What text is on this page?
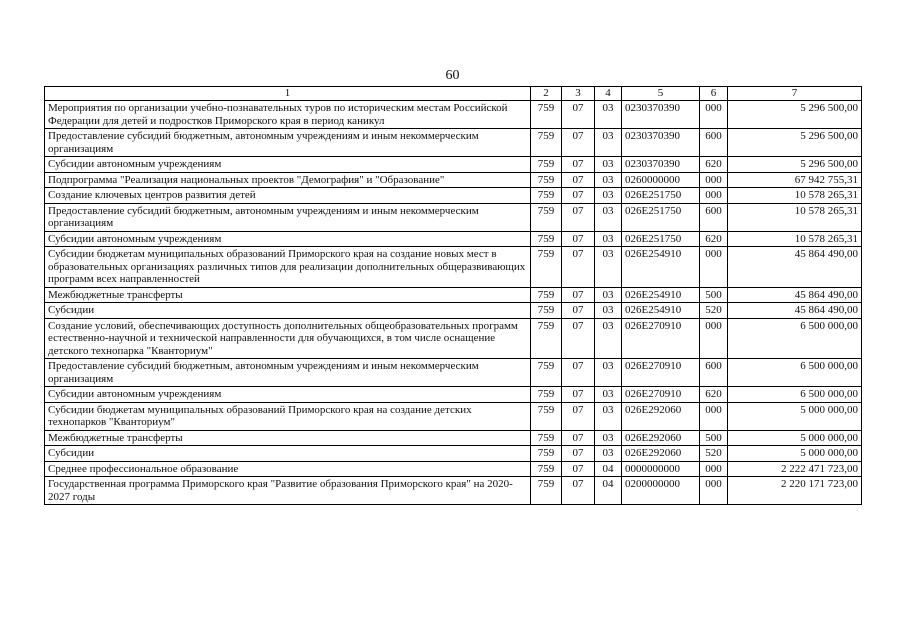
60
1	2	3	4	5	6	7
Мероприятия по организации учебно-познавательных туров по историческим местам Российской Федерации для детей и подростков Приморского края в период каникул	759	07	03	0230370390	000	5 296 500,00
Предоставление субсидий бюджетным, автономным учреждениям и иным некоммерческим организациям	759	07	03	0230370390	600	5 296 500,00
Субсидии автономным учреждениям	759	07	03	0230370390	620	5 296 500,00
Подпрограмма "Реализация национальных проектов "Демография" и "Образование"	759	07	03	0260000000	000	67 942 755,31
Создание ключевых центров развития детей	759	07	03	026E251750	000	10 578 265,31
Предоставление субсидий бюджетным, автономным учреждениям и иным некоммерческим организациям	759	07	03	026E251750	600	10 578 265,31
Субсидии автономным учреждениям	759	07	03	026E251750	620	10 578 265,31
Субсидии бюджетам муниципальных образований Приморского края на создание новых мест в образовательных организациях различных типов для реализации дополнительных общеразвивающих программ всех направленностей	759	07	03	026E254910	000	45 864 490,00
Межбюджетные трансферты	759	07	03	026E254910	500	45 864 490,00
Субсидии	759	07	03	026E254910	520	45 864 490,00
Создание условий, обеспечивающих доступность дополнительных общеобразовательных программ естественно-научной и технической направленности для обучающихся, в том числе оснащение детского технопарка "Кванториум"	759	07	03	026E270910	000	6 500 000,00
Предоставление субсидий бюджетным, автономным учреждениям и иным некоммерческим организациям	759	07	03	026E270910	600	6 500 000,00
Субсидии автономным учреждениям	759	07	03	026E270910	620	6 500 000,00
Субсидии бюджетам муниципальных образований Приморского края на создание детских технопарков "Кванториум"	759	07	03	026E292060	000	5 000 000,00
Межбюджетные трансферты	759	07	03	026E292060	500	5 000 000,00
Субсидии	759	07	03	026E292060	520	5 000 000,00
Среднее профессиональное образование	759	07	04	0000000000	000	2 222 471 723,00
Государственная программа Приморского края "Развитие образования Приморского края" на 2020-2027 годы	759	07	04	0200000000	000	2 220 171 723,00
